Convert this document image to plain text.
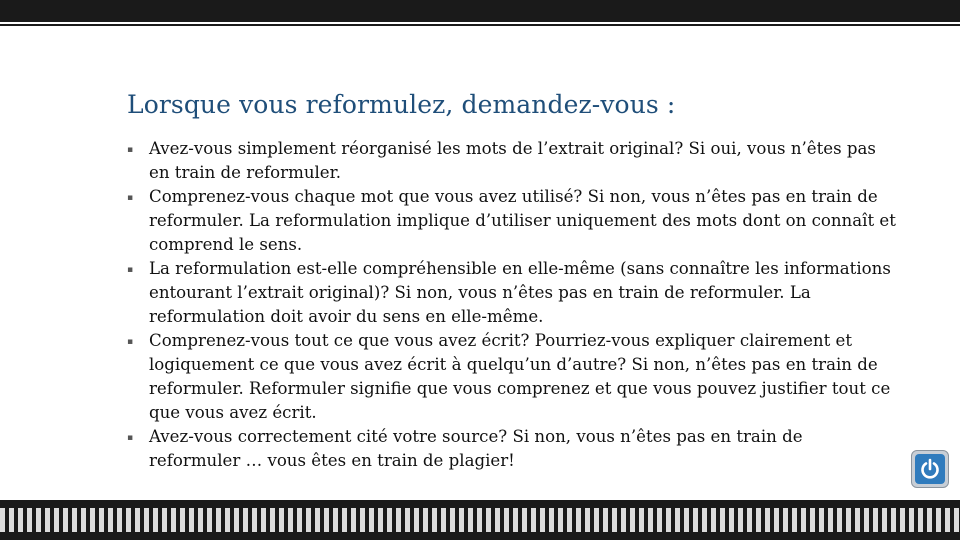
Lorsque vous reformulez, demandez-vous :
▪ Avez-vous simplement réorganisé les mots de l’extrait original? Si oui, vous n’êtes pas en train de reformuler.
▪ Comprenez-vous chaque mot que vous avez utilisé? Si non, vous n’êtes pas en train de reformuler. La reformulation implique d’utiliser uniquement des mots dont on connaît et comprend le sens.
▪ La reformulation est-elle compréhensible en elle-même (sans connaître les informations entourant l’extrait original)? Si non, vous n’êtes pas en train de reformuler. La reformulation doit avoir du sens en elle-même.
▪ Comprenez-vous tout ce que vous avez écrit? Pourriez-vous expliquer clairement et logiquement ce que vous avez écrit à quelqu’un d’autre? Si non, n’êtes pas en train de reformuler. Reformuler signifie que vous comprenez et que vous pouvez justifier tout ce que vous avez écrit.
▪ Avez-vous correctement cité votre source? Si non, vous n’êtes pas en train de reformuler … vous êtes en train de plagier!
